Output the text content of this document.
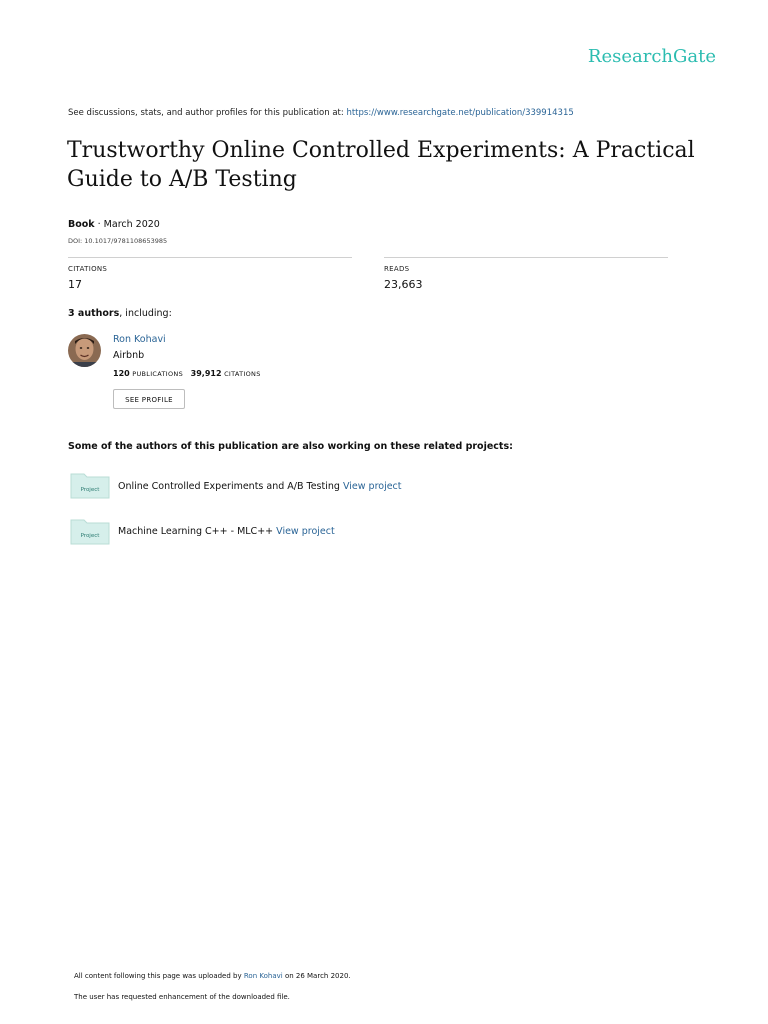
ResearchGate
See discussions, stats, and author profiles for this publication at: https://www.researchgate.net/publication/339914315
Trustworthy Online Controlled Experiments: A Practical Guide to A/B Testing
Book · March 2020
DOI: 10.1017/9781108653985
CITATIONS
17
READS
23,663
3 authors, including:
Ron Kohavi
Airbnb
120 PUBLICATIONS 39,912 CITATIONS
SEE PROFILE
Some of the authors of this publication are also working on these related projects:
Project Online Controlled Experiments and A/B Testing View project
Project Machine Learning C++ - MLC++ View project
All content following this page was uploaded by Ron Kohavi on 26 March 2020.
The user has requested enhancement of the downloaded file.
